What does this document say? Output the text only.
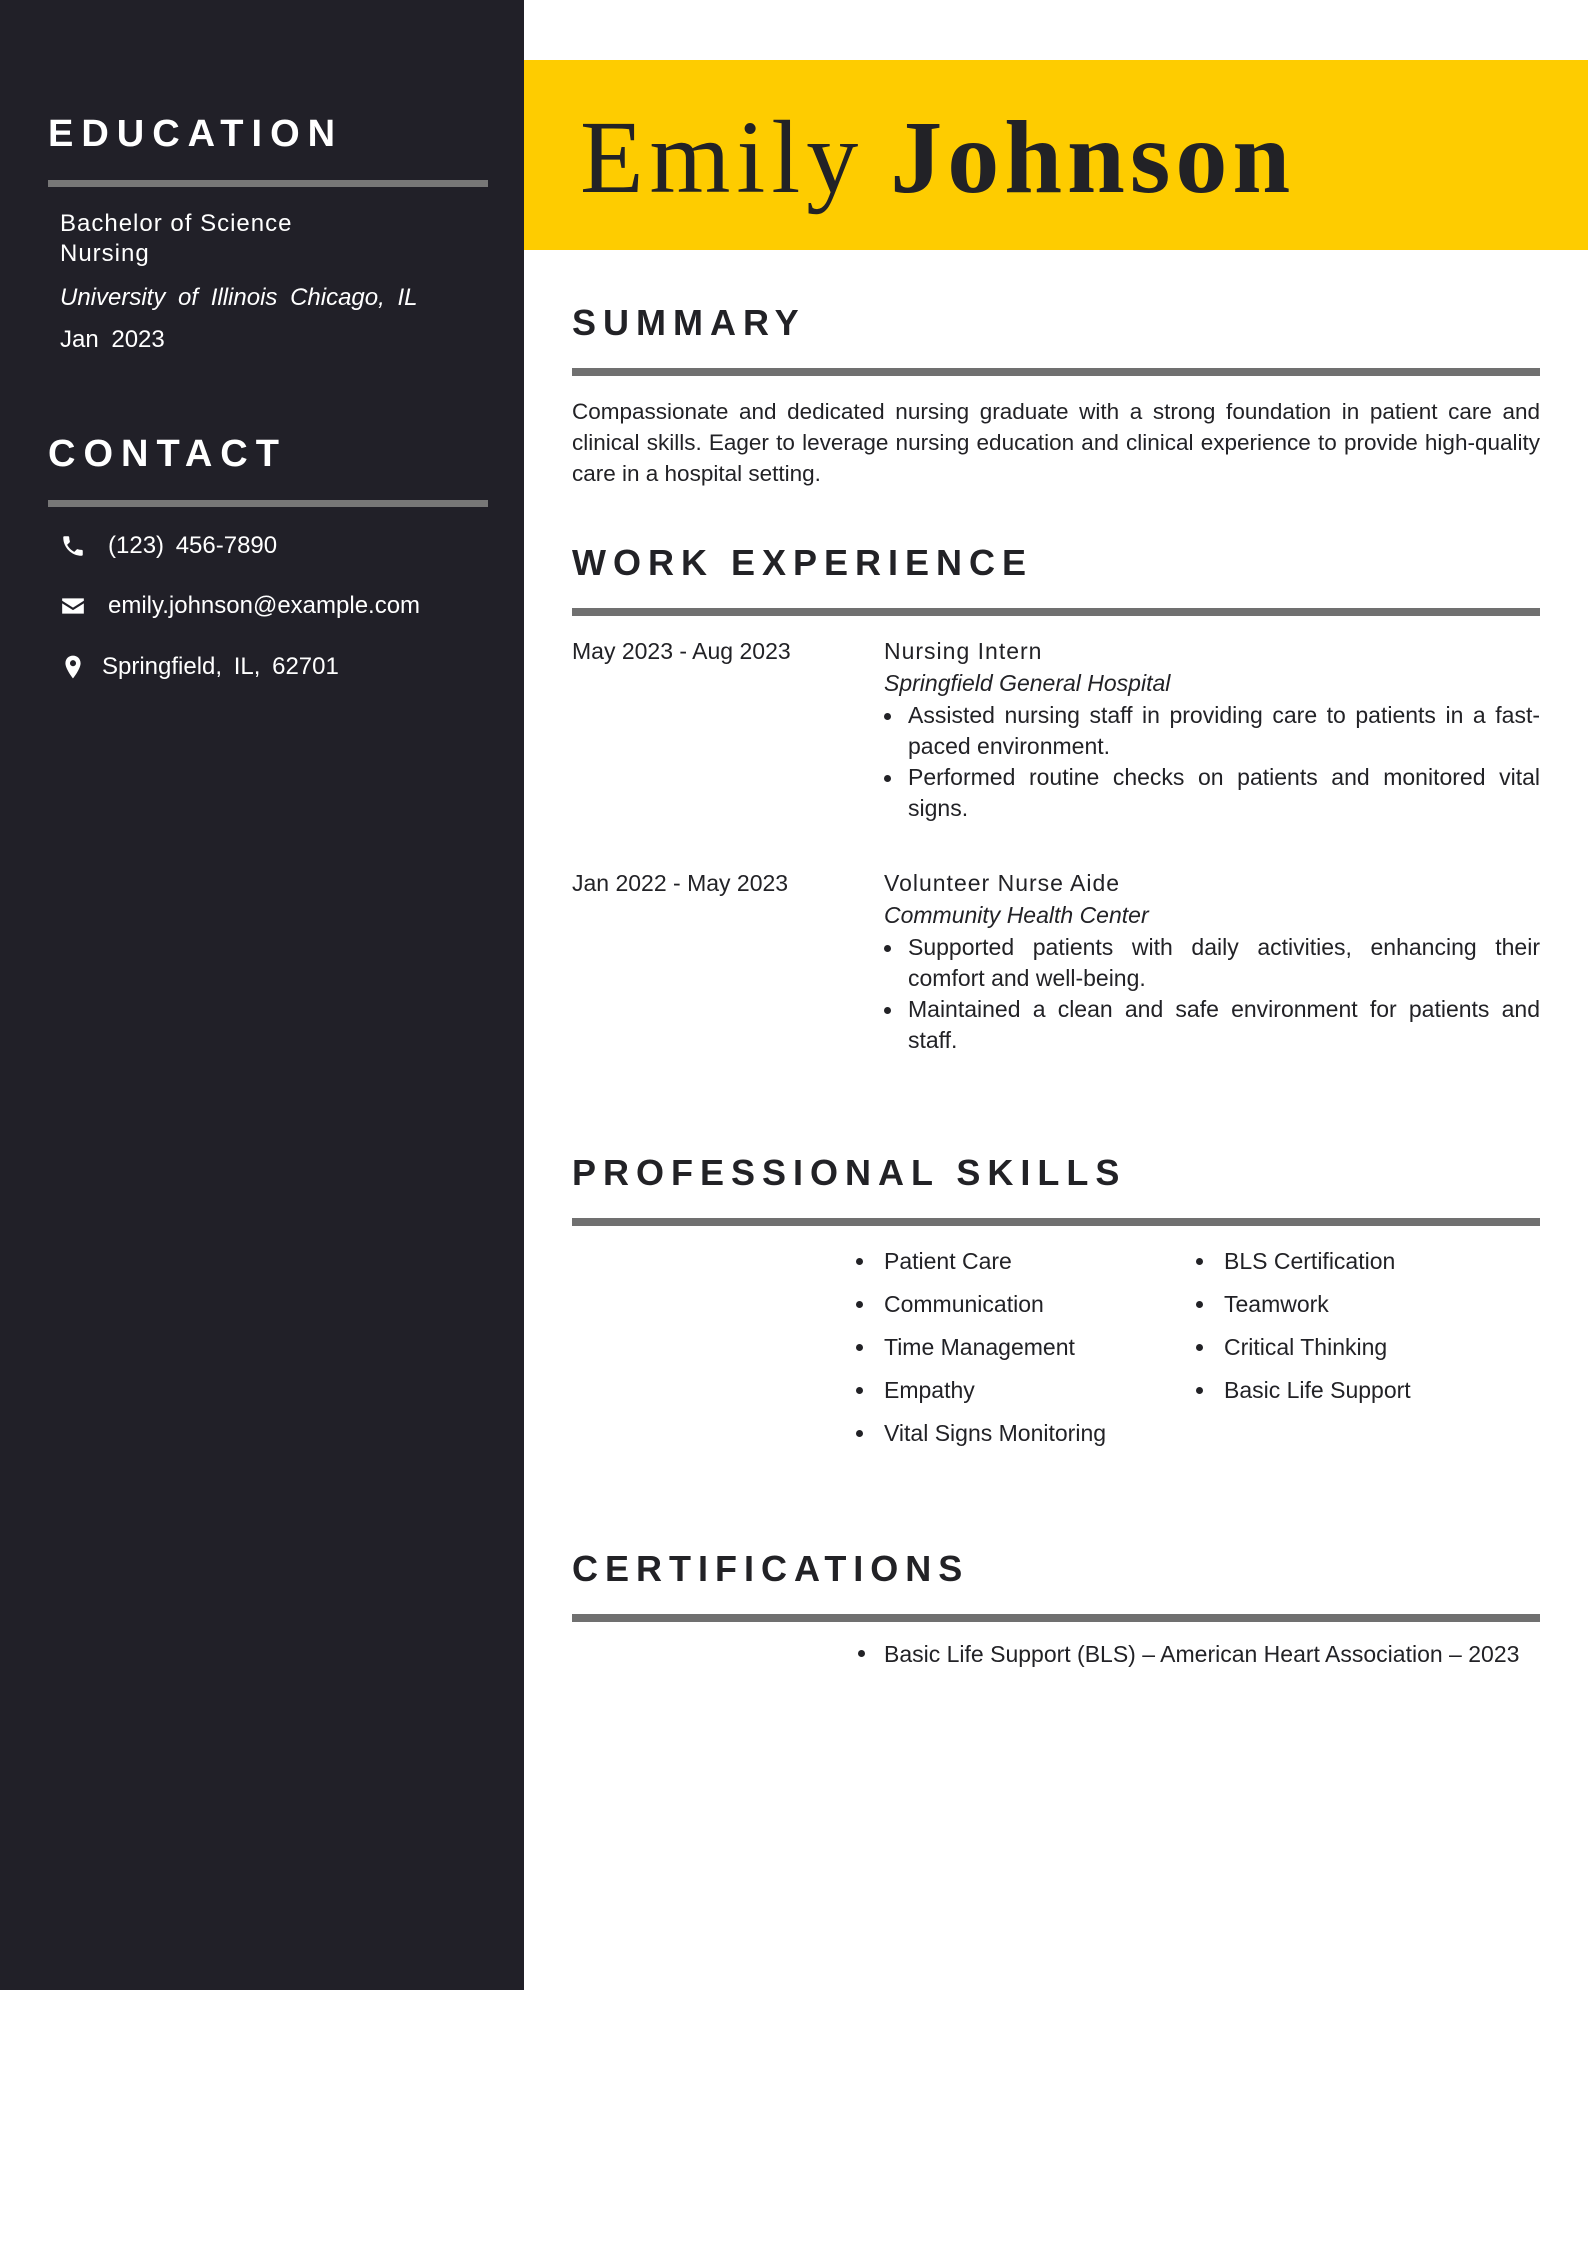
EDUCATION
Bachelor of Science
Nursing
University of Illinois Chicago, IL
Jan 2023
CONTACT
(123) 456-7890
emily.johnson@example.com
Springfield, IL, 62701
Emily Johnson
SUMMARY

Compassionate and dedicated nursing graduate with a strong foundation in patient care and clinical skills. Eager to leverage nursing education and clinical experience to provide high-quality care in a hospital setting.

WORK EXPERIENCE
May 2023 - Aug 2023	Nursing Intern
Springfield General Hospital
Assisted nursing staff in providing care to patients in a fast-paced environment.
Performed routine checks on patients and monitored vital signs.
Jan 2022 - May 2023	Volunteer Nurse Aide
Community Health Center
Supported patients with daily activities, enhancing their comfort and well-being.
Maintained a clean and safe environment for patients and staff.
PROFESSIONAL SKILLS
Patient Care
Communication
Time Management
Empathy
Vital Signs Monitoring
BLS Certification
Teamwork
Critical Thinking
Basic Life Support
CERTIFICATIONS
Basic Life Support (BLS) – American Heart Association – 2023
